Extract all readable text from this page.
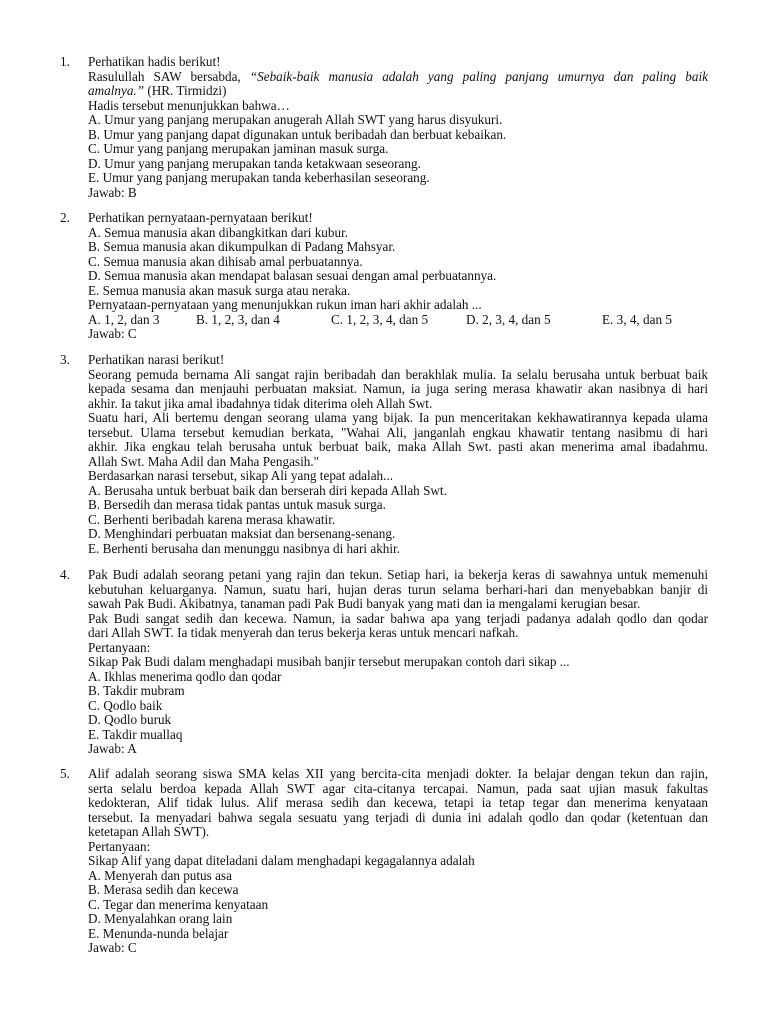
1.	Perhatikan hadis berikut!
Rasulullah SAW bersabda, “Sebaik-baik manusia adalah yang paling panjang umurnya dan paling baik
amalnya.” (HR. Tirmidzi)
Hadis tersebut menunjukkan bahwa…
A. Umur yang panjang merupakan anugerah Allah SWT yang harus disyukuri.
B. Umur yang panjang dapat digunakan untuk beribadah dan berbuat kebaikan.
C. Umur yang panjang merupakan jaminan masuk surga.
D. Umur yang panjang merupakan tanda ketakwaan seseorang.
E. Umur yang panjang merupakan tanda keberhasilan seseorang.
Jawab: B
2.	Perhatikan pernyataan-pernyataan berikut!
A. Semua manusia akan dibangkitkan dari kubur.
B. Semua manusia akan dikumpulkan di Padang Mahsyar.
C. Semua manusia akan dihisab amal perbuatannya.
D. Semua manusia akan mendapat balasan sesuai dengan amal perbuatannya.
E. Semua manusia akan masuk surga atau neraka.
Pernyataan-pernyataan yang menunjukkan rukun iman hari akhir adalah ...
A. 1, 2, dan 3	B. 1, 2, 3, dan 4	C. 1, 2, 3, 4, dan 5	D. 2, 3, 4, dan 5	E. 3, 4, dan 5
Jawab: C
3.	Perhatikan narasi berikut!
Seorang pemuda bernama Ali sangat rajin beribadah dan berakhlak mulia. Ia selalu berusaha untuk berbuat baik
kepada sesama dan menjauhi perbuatan maksiat. Namun, ia juga sering merasa khawatir akan nasibnya di hari
akhir. Ia takut jika amal ibadahnya tidak diterima oleh Allah Swt.
Suatu hari, Ali bertemu dengan seorang ulama yang bijak. Ia pun menceritakan kekhawatirannya kepada ulama
tersebut. Ulama tersebut kemudian berkata, "Wahai Ali, janganlah engkau khawatir tentang nasibmu di hari
akhir. Jika engkau telah berusaha untuk berbuat baik, maka Allah Swt. pasti akan menerima amal ibadahmu.
Allah Swt. Maha Adil dan Maha Pengasih."
Berdasarkan narasi tersebut, sikap Ali yang tepat adalah...
A. Berusaha untuk berbuat baik dan berserah diri kepada Allah Swt.
B. Bersedih dan merasa tidak pantas untuk masuk surga.
C. Berhenti beribadah karena merasa khawatir.
D. Menghindari perbuatan maksiat dan bersenang-senang.
E. Berhenti berusaha dan menunggu nasibnya di hari akhir.
4.	Pak Budi adalah seorang petani yang rajin dan tekun. Setiap hari, ia bekerja keras di sawahnya untuk memenuhi
kebutuhan keluarganya. Namun, suatu hari, hujan deras turun selama berhari-hari dan menyebabkan banjir di
sawah Pak Budi. Akibatnya, tanaman padi Pak Budi banyak yang mati dan ia mengalami kerugian besar.
Pak Budi sangat sedih dan kecewa. Namun, ia sadar bahwa apa yang terjadi padanya adalah qodlo dan qodar
dari Allah SWT. Ia tidak menyerah dan terus bekerja keras untuk mencari nafkah.
Pertanyaan:
Sikap Pak Budi dalam menghadapi musibah banjir tersebut merupakan contoh dari sikap ...
A. Ikhlas menerima qodlo dan qodar
B. Takdir mubram
C. Qodlo baik
D. Qodlo buruk
E. Takdir muallaq
Jawab: A
5.	Alif adalah seorang siswa SMA kelas XII yang bercita-cita menjadi dokter. Ia belajar dengan tekun dan rajin,
serta selalu berdoa kepada Allah SWT agar cita-citanya tercapai. Namun, pada saat ujian masuk fakultas
kedokteran, Alif tidak lulus. Alif merasa sedih dan kecewa, tetapi ia tetap tegar dan menerima kenyataan
tersebut. Ia menyadari bahwa segala sesuatu yang terjadi di dunia ini adalah qodlo dan qodar (ketentuan dan
ketetapan Allah SWT).
Pertanyaan:
Sikap Alif yang dapat diteladani dalam menghadapi kegagalannya adalah
A. Menyerah dan putus asa
B. Merasa sedih dan kecewa
C. Tegar dan menerima kenyataan
D. Menyalahkan orang lain
E. Menunda-nunda belajar
Jawab: C
